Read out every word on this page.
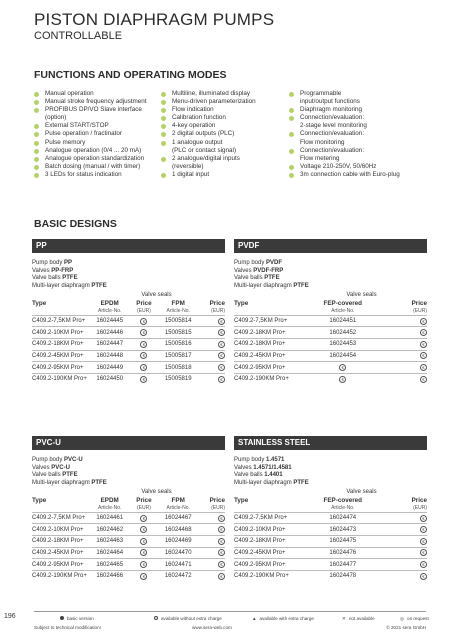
PISTON DIAPHRAGM PUMPS
CONTROLLABLE
FUNCTIONS AND OPERATING MODES
Manual operation
Manual stroke frequency adjustment
PROFIBUS DP/VO Slave interface (option)
External START/STOP
Pulse operation / fractinator
Pulse memory
Analogue operation (0/4 ... 20 mA)
Analogue operation standardization
Batch dosing (manual / with timer)
3 LEDs for status indication
Multiline, illuminated display
Menu-driven parameterization
Flow indication
Calibration function
4-key operation
2 digital outputs (PLC)
1 analogue output
(PLC or contact signal)
2 analogue/digital inputs
(reversible)
1 digital input
Programmable
input/output functions
Diaphragm monitoring
Connection/evaluation:
2-stage level monitoring
Connection/evaluation:
Flow monitoring
Connection/evaluation:
Flow metering
Voltage 210-250V, 50/60Hz
3m connection cable with Euro-plug
BASIC DESIGNS
PP
Pump body PP
Valves PP-FRP
Valve balls PTFE
Multi-layer diaphragm PTFE
	Valve seals			
Type	EPDM	Price	FPM	Price
	Article-No.	(EUR)	Article-No.	(EUR)
C409.2-7,5KM Pro+	16024445	€	15005814	€
C409.2-10KM Pro+	16024446	€	15005815	€
C409.2-18KM Pro+	16024447	€	15005816	€
C409.2-45KM Pro+	16024448	€	15005817	€
C409.2-95KM Pro+	16024449	€	15005818	€
C409.2-190KM Pro+	16024450	€	15005819	€
PVDF
Pump body PVDF
Valves PVDF-FRP
Valve balls PTFE
Multi-layer diaphragm PTFE
	Valve seals	
Type	FEP-covered	Price
	Article-No.	(EUR)
C409.2-7,5KM Pro+	16024451	€
C409.2-18KM Pro+	16024452	€
C409.2-18KM Pro+	16024453	€
C409.2-45KM Pro+	16024454	€
C409.2-95KM Pro+	€	€
C409.2-190KM Pro+	€	€
PVC-U
Pump body PVC-U
Valves PVC-U
Valve balls PTFE
Multi-layer diaphragm PTFE
	Valve seals			
Type	EPDM	Price	FPM	Price
	Article-No.	(EUR)	Article-No.	(EUR)
C409.2-7,5KM Pro+	16024461	€	16024467	€
C409.2-10KM Pro+	16024462	€	16024468	€
C409.2-18KM Pro+	16024463	€	16024469	€
C409.2-45KM Pro+	16024464	€	16024470	€
C409.2-95KM Pro+	16024465	€	16024471	€
C409.2-190KM Pro+	16024466	€	16024472	€
STAINLESS STEEL
Pump body 1.4571
Valves 1.4571/1.4581
Valve balls 1.4401
Multi-layer diaphragm PTFE
	Valve seals	
Type	FEP-covered	Price
	Article-No.	(EUR)
C409.2-7,5KM Pro+	16024474	€
C409.2-10KM Pro+	16024473	€
C409.2-18KM Pro+	16024475	€
C409.2-45KM Pro+	16024476	€
C409.2-95KM Pro+	16024477	€
C409.2-190KM Pro+	16024478	€
196	basic version	available without extra charge	▲ available with extra charge	✕ not available	◎ on request
Subject to technical modification!	www.sera-web.com	© 2021 sera GmbH
